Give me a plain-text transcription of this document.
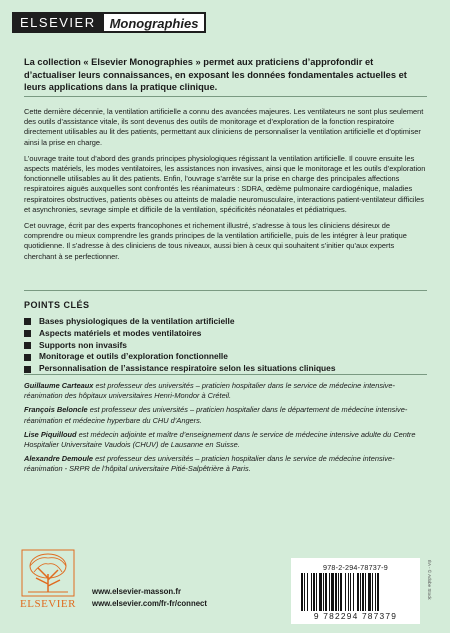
ELSEVIER	Monographies
La collection « Elsevier Monographies » permet aux praticiens d’approfondir et d’actualiser leurs connaissances, en exposant les données fondamentales actuelles et leurs applications dans la pratique clinique.

Cette dernière décennie, la ventilation artificielle a connu des avancées majeures. Les ventilateurs ne sont plus seulement des outils d’assistance vitale, ils sont devenus des outils de monitorage et d’exploration de la fonction respiratoire directement utilisables au lit des patients, permettant aux cliniciens de personnaliser la ventilation artificielle et d’optimiser ainsi la prise en charge.

L’ouvrage traite tout d’abord des grands principes physiologiques régissant la ventilation artificielle. Il couvre ensuite les aspects matériels, les modes ventilatoires, les assistances non invasives, ainsi que le monitorage et les outils d’exploration fonctionnelle utilisables au lit des patients. Enfin, l’ouvrage s’arrête sur la prise en charge des principales affections respiratoires aiguës auxquelles sont confrontés les réanimateurs : SDRA, œdème pulmonaire cardiogénique, maladies respiratoires obstructives, patients obèses ou atteints de maladie neuromusculaire, interactions patient-ventilateur difficiles et asynchronies, sevrage simple et difficile de la ventilation, spécificités néonatales et pédiatriques.

Cet ouvrage, écrit par des experts francophones et richement illustré, s’adresse à tous les cliniciens désireux de comprendre ou mieux comprendre les grands principes de la ventilation artificielle, puis de les intégrer à leur pratique quotidienne. Il s’adresse à des cliniciens de tous niveaux, aussi bien à ceux qui souhaitent s’initier qu’aux experts cherchant à se perfectionner.

POINTS CLÉS
Bases physiologiques de la ventilation artificielle
Aspects matériels et modes ventilatoires
Supports non invasifs
Monitorage et outils d’exploration fonctionnelle
Personnalisation de l’assistance respiratoire selon les situations cliniques

Guillaume Carteaux est professeur des universités – praticien hospitalier dans le service de médecine intensive-réanimation des hôpitaux universitaires Henri-Mondor à Créteil.

François Beloncle est professeur des universités – praticien hospitalier dans le département de médecine intensive-réanimation et médecine hyperbare du CHU d’Angers.

Lise Piquilloud est médecin adjointe et maître d’enseignement dans le service de médecine intensive adulte du Centre Hospitalier Universitaire Vaudois (CHUV) de Lausanne en Suisse.

Alexandre Demoule est professeur des universités – praticien hospitalier dans le service de médecine intensive-réanimation - SRPR de l’hôpital universitaire Pitié-Salpêtrière à Paris.

ELSEVIER
www.elsevier-masson.fr
www.elsevier.com/fr-fr/connect
978-2-294-78737-9
9 782294 787379
ÉA - © Adobe Stock
